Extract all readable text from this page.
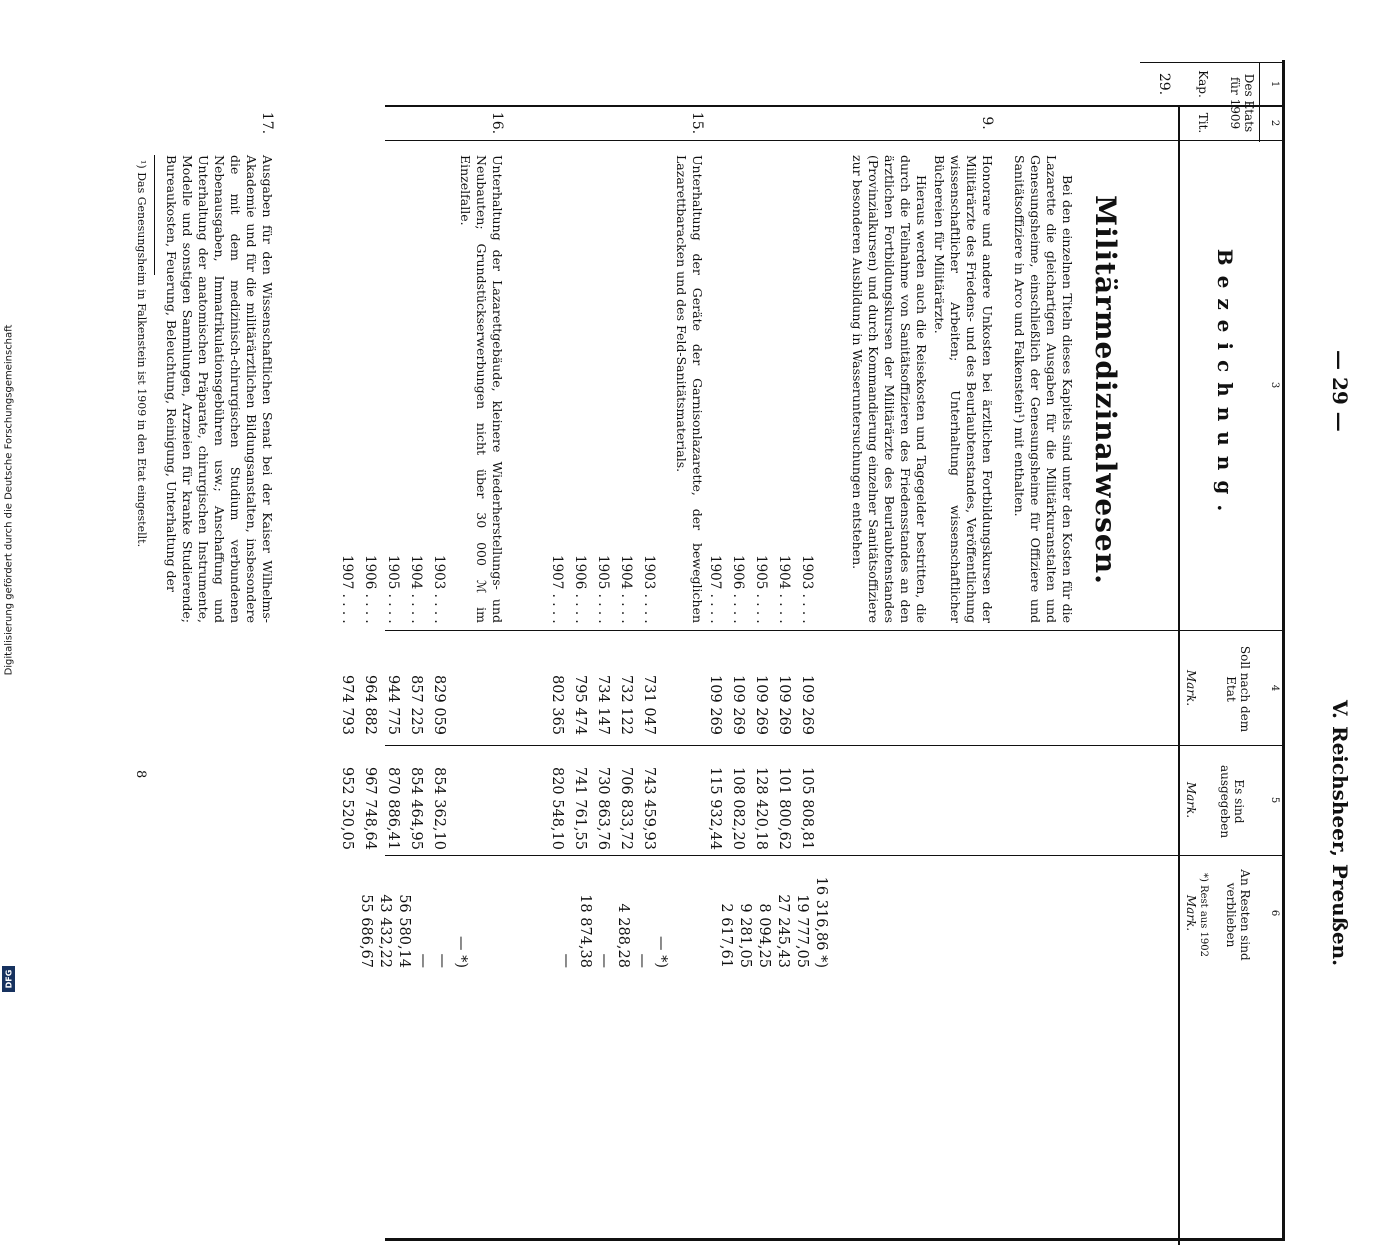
Digitalisierung gefördert durch die Deutsche Forschungsgemeinschaft
DFG
— 29 —
V. Reichsheer, Preußen.
Des Etats für 1909
Kap.
Tit.
Bezeichnung.
Soll nach dem Etat
Es sind ausgegeben
An Resten sind verblieben
*) Rest aus 1902
1
2
3
4
5
6
Mark.
Mark.
Mark.
29.
Militärmedizinalwesen.
Bei den einzelnen Titeln dieses Kapitels sind unter den Kosten für die Lazarette die gleichartigen Ausgaben für die Militärkuranstalten und Genesungsheime, einschließlich der Genesungsheime für Offiziere und Sanitätsoffiziere in Arco und Falkenstein¹) mit enthalten.
9.

Honorare und andere Unkosten bei ärztlichen Fortbildungskursen der Militärärzte des Friedens- und des Beurlaubtenstandes, Veröffentlichung wissenschaftlicher Arbeiten; Unterhaltung wissenschaftlicher Büchereien für Militärärzte.

Hieraus werden auch die Reisekosten und Tagegelder bestritten, die durch die Teilnahme von Sanitätsoffizieren des Friedensstandes an den ärztlichen Fortbildungskursen der Militärärzte des Beurlaubtenstandes (Provinzialkursen) und durch Kommandierung einzelner Sanitätsoffiziere zur besonderen Ausbildung in Wasseruntersuchungen entstehen.

1903 . . . .
1904 . . . .
1905 . . . .
1906 . . . .
1907 . . . .
109 269
109 269
109 269
109 269
109 269
105 808,81
101 800,62
128 420,18
108 082,20
115 932,44
16 316,86 *)
19 777,05
27 245,43
8 094,25
9 281,05
2 617,61
15.
Unterhaltung der Geräte der Garnisonlazarette, der beweglichen Lazarettbaracken und des Feld-Sanitätsmaterials.
1903 . . . .
1904 . . . .
1905 . . . .
1906 . . . .
1907 . . . .
731 047
732 122
734 147
795 474
802 365
743 459,93
706 833,72
730 863,76
741 761,55
820 548,10
— *)
—
4 288,28
—
18 874,38
—
16.
Unterhaltung der Lazarettgebäude, kleinere Wiederherstellungs- und Neubauten; Grundstückserwerbungen nicht über 30 000 ℳ im Einzelfalle.
1903 . . . .
1904 . . . .
1905 . . . .
1906 . . . .
1907 . . . .
829 059
857 225
944 775
964 882
974 793
854 362,10
854 464,95
870 886,41
967 748,64
952 520,05
— *)
—
—
56 580,14
43 432,22
55 686,67
17.
Ausgaben für den Wissenschaftlichen Senat bei der Kaiser Wilhelms-Akademie und für die militärärztlichen Bildungsanstalten, insbesondere die mit dem medizinisch-chirurgischen Studium verbundenen Nebenausgaben, Immatrikulationsgebühren usw.; Anschaffung und Unterhaltung der anatomischen Präparate, chirurgischen Instrumente, Modelle und sonstigen Sammlungen, Arzneien für kranke Studierende; Bureaukosten, Feuerung, Beleuchtung, Reinigung, Unterhaltung der
¹) Das Genesungsheim in Falkenstein ist 1909 in den Etat eingestellt.
8
